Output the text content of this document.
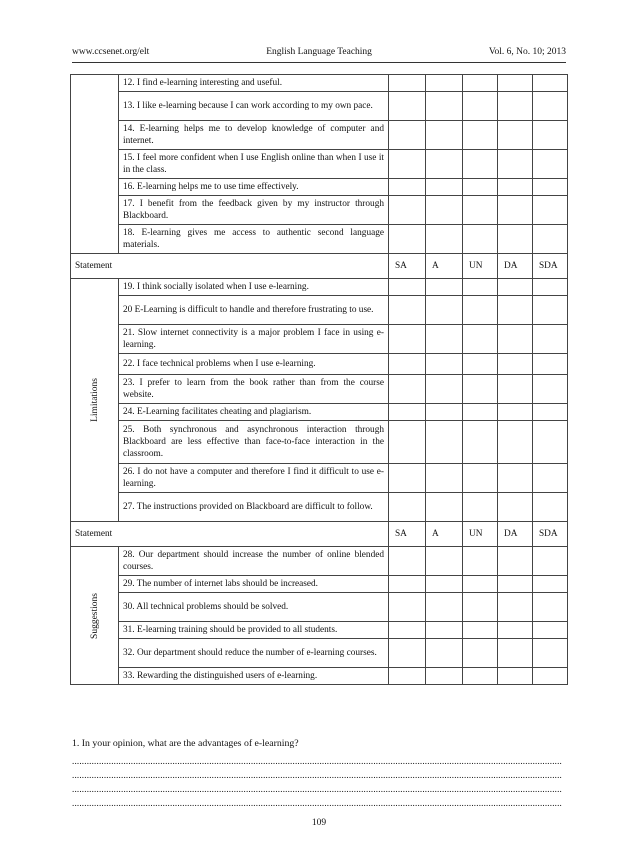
www.ccsenet.org/elt	English Language Teaching	Vol. 6, No. 10; 2013
	12. I find e-learning interesting and useful.					
	13. I like e-learning because I can work according to my own pace.					
	14. E-learning helps me to develop knowledge of computer and internet.					
	15. I feel more confident when I use English online than when I use it in the class.					
	16. E-learning helps me to use time effectively.					
	17. I benefit from the feedback given by my instructor through Blackboard.					
	18. E-learning gives me access to authentic second language materials.					
Statement		SA	A	UN	DA	SDA

Limitations	19. I think socially isolated when I use e-learning.					
	20 E-Learning is difficult to handle and therefore frustrating to use.					
	21. Slow internet connectivity is a major problem I face in using e-learning.					
	22. I face technical problems when I use e-learning.					
	23. I prefer to learn from the book rather than from the course website.					
	24. E-Learning facilitates cheating and plagiarism.					
	25. Both synchronous and asynchronous interaction through Blackboard are less effective than face-to-face interaction in the classroom.					
	26. I do not have a computer and therefore I find it difficult to use e-learning.					
	27. The instructions provided on Blackboard are difficult to follow.					
Statement		SA	A	UN	DA	SDA

Suggestions	28. Our department should increase the number of online blended courses.					
	29. The number of internet labs should be increased.					
	30. All technical problems should be solved.					
	31. E-learning training should be provided to all students.					
	32. Our department should reduce the number of e-learning courses.					
	33. Rewarding the distinguished users of e-learning.					
1. In your opinion, what are the advantages of e-learning?
........................................................................................................................................................................................................
........................................................................................................................................................................................................
........................................................................................................................................................................................................
........................................................................................................................................................................................................
109
